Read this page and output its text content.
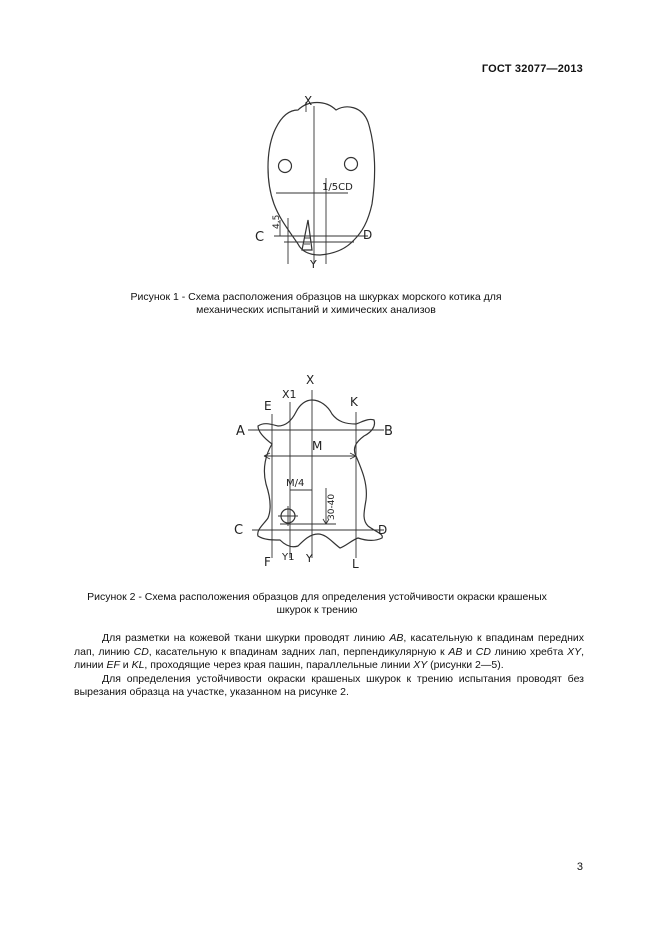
ГОСТ 32077—2013
X
Y
C	D
1/5CD
4,5
Рисунок 1 - Схема расположения образцов на шкурках морского котика для
механических испытаний и химических анализов
X
X1
E	K
A	B
M
M/4
30-40
C	D
F Y1 Y	L
Рисунок 2 - Схема расположения образцов для определения устойчивости окраски крашеных
шкурок к трению

Для разметки на кожевой ткани шкурки проводят линию AB, касательную к впадинам передних лап, линию CD, касательную к впадинам задних лап, перпендикулярную к AB и CD линию хребта XY, линии EF и KL, проходящие через края пашин, параллельные линии XY (рисунки 2—5).

Для определения устойчивости окраски крашеных шкурок к трению испытания проводят без вырезания образца на участке, указанном на рисунке 2.

3
